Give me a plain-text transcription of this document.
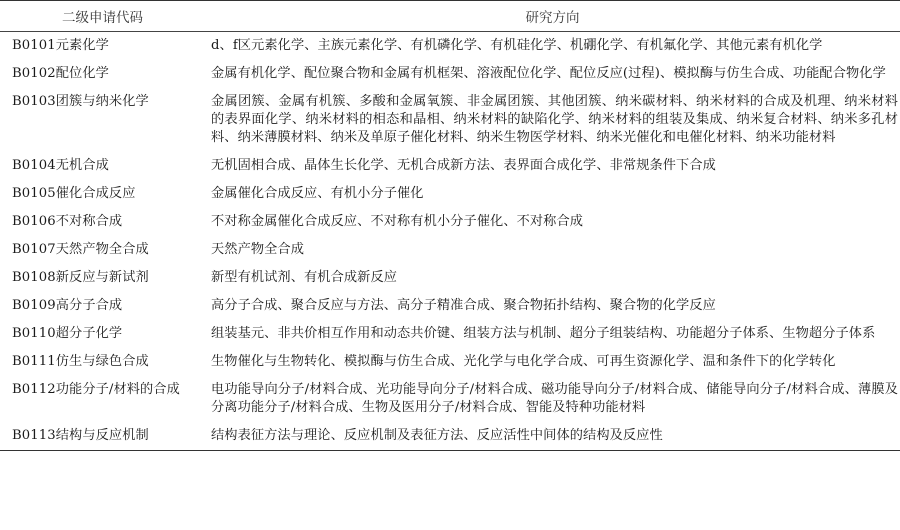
二级申请代码	研究方向
B0101元素化学	d、f区元素化学、主族元素化学、有机磷化学、有机硅化学、机硼化学、有机氟化学、其他元素有机化学
B0102配位化学	金属有机化学、配位聚合物和金属有机框架、溶液配位化学、配位反应(过程)、模拟酶与仿生合成、功能配合物化学
B0103团簇与纳米化学	金属团簇、金属有机簇、多酸和金属氧簇、非金属团簇、其他团簇、纳米碳材料、纳米材料的合成及机理、纳米材料的表界面化学、纳米材料的相态和晶相、纳米材料的缺陷化学、纳米材料的组装及集成、纳米复合材料、纳米多孔材料、纳米薄膜材料、纳米及单原子催化材料、纳米生物医学材料、纳米光催化和电催化材料、纳米功能材料
B0104无机合成	无机固相合成、晶体生长化学、无机合成新方法、表界面合成化学、非常规条件下合成
B0105催化合成反应	金属催化合成反应、有机小分子催化
B0106不对称合成	不对称金属催化合成反应、不对称有机小分子催化、不对称合成
B0107天然产物全合成	天然产物全合成
B0108新反应与新试剂	新型有机试剂、有机合成新反应
B0109高分子合成	高分子合成、聚合反应与方法、高分子精准合成、聚合物拓扑结构、聚合物的化学反应
B0110超分子化学	组装基元、非共价相互作用和动态共价键、组装方法与机制、超分子组装结构、功能超分子体系、生物超分子体系
B0111仿生与绿色合成	生物催化与生物转化、模拟酶与仿生合成、光化学与电化学合成、可再生资源化学、温和条件下的化学转化
B0112功能分子/材料的合成	电功能导向分子/材料合成、光功能导向分子/材料合成、磁功能导向分子/材料合成、储能导向分子/材料合成、薄膜及分离功能分子/材料合成、生物及医用分子/材料合成、智能及特种功能材料
B0113结构与反应机制	结构表征方法与理论、反应机制及表征方法、反应活性中间体的结构及反应性
